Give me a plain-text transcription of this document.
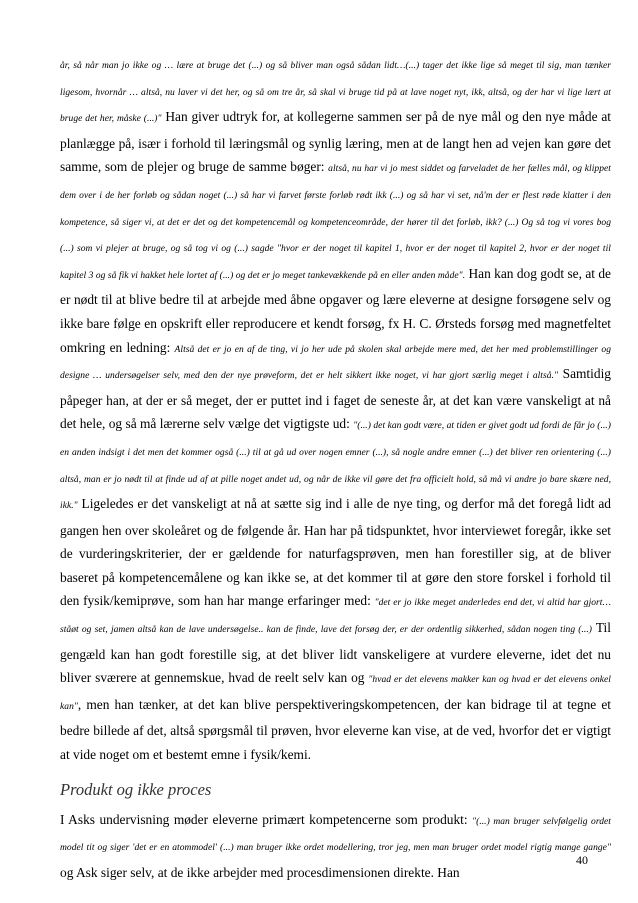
år, så når man jo ikke og … lære at bruge det (...) og så bliver man også sådan lidt…(...) tager det ikke lige så meget til sig, man tænker ligesom, hvornår … altså, nu laver vi det her, og så om tre år, så skal vi bruge tid på at lave noget nyt, ikk, altså, og der har vi lige lært at bruge det her, måske (...)" Han giver udtryk for, at kollegerne sammen ser på de nye mål og den nye måde at planlægge på, især i forhold til læringsmål og synlig læring, men at de langt hen ad vejen kan gøre det samme, som de plejer og bruge de samme bøger: altså, nu har vi jo mest siddet og farveladet de her fælles mål, og klippet dem over i de her forløb og sådan noget (...) så har vi farvet første forløb rødt ikk (...) og så har vi set, nå'm der er flest røde klatter i den kompetence, så siger vi, at det er det og det kompetencemål og kompetenceområde, der hører til det forløb, ikk? (...) Og så tog vi vores bog (...) som vi plejer at bruge, og så tog vi og (...) sagde "hvor er der noget til kapitel 1, hvor er der noget til kapitel 2, hvor er der noget til kapitel 3 og så fik vi hakket hele lortet af (...) og det er jo meget tankevækkende på en eller anden måde". Han kan dog godt se, at de er nødt til at blive bedre til at arbejde med åbne opgaver og lære eleverne at designe forsøgene selv og ikke bare følge en opskrift eller reproducere et kendt forsøg, fx H. C. Ørsteds forsøg med magnetfeltet omkring en ledning: Altså det er jo en af de ting, vi jo her ude på skolen skal arbejde mere med, det her med problemstillinger og designe … undersøgelser selv, med den der nye prøveform, det er helt sikkert ikke noget, vi har gjort særlig meget i altså." Samtidig påpeger han, at der er så meget, der er puttet ind i faget de seneste år, at det kan være vanskeligt at nå det hele, og så må lærerne selv vælge det vigtigste ud: "(...) det kan godt være, at tiden er givet godt ud fordi de får jo (...) en anden indsigt i det men det kommer også (...) til at gå ud over nogen emner (...), så nogle andre emner (...) det bliver ren orientering (...) altså, man er jo nødt til at finde ud af at pille noget andet ud, og når de ikke vil gøre det fra officielt hold, så må vi andre jo bare skære ned, ikk." Ligeledes er det vanskeligt at nå at sætte sig ind i alle de nye ting, og derfor må det foregå lidt ad gangen hen over skoleåret og de følgende år. Han har på tidspunktet, hvor interviewet foregår, ikke set de vurderingskriterier, der er gældende for naturfagsprøven, men han forestiller sig, at de bliver baseret på kompetencemålene og kan ikke se, at det kommer til at gøre den store forskel i forhold til den fysik/kemiprøve, som han har mange erfaringer med: "det er jo ikke meget anderledes end det, vi altid har gjort… ståøt og set, jamen altså kan de lave undersøgelse.. kan de finde, lave det forsøg der, er der ordentlig sikkerhed, sådan nogen ting (...) Til gengæld kan han godt forestille sig, at det bliver lidt vanskeligere at vurdere eleverne, idet det nu bliver sværere at gennemskue, hvad de reelt selv kan og "hvad er det elevens makker kan og hvad er det elevens onkel kan", men han tænker, at det kan blive perspektiveringskompetencen, der kan bidrage til at tegne et bedre billede af det, altså spørgsmål til prøven, hvor eleverne kan vise, at de ved, hvorfor det er vigtigt at vide noget om et bestemt emne i fysik/kemi.

Produkt og ikke proces

I Asks undervisning møder eleverne primært kompetencerne som produkt: "(...) man bruger selvfølgelig ordet model tit og siger 'det er en atommodel' (...) man bruger ikke ordet modellering, tror jeg, men man bruger ordet model rigtig mange gange" og Ask siger selv, at de ikke arbejder med procesdimensionen direkte. Han

40
